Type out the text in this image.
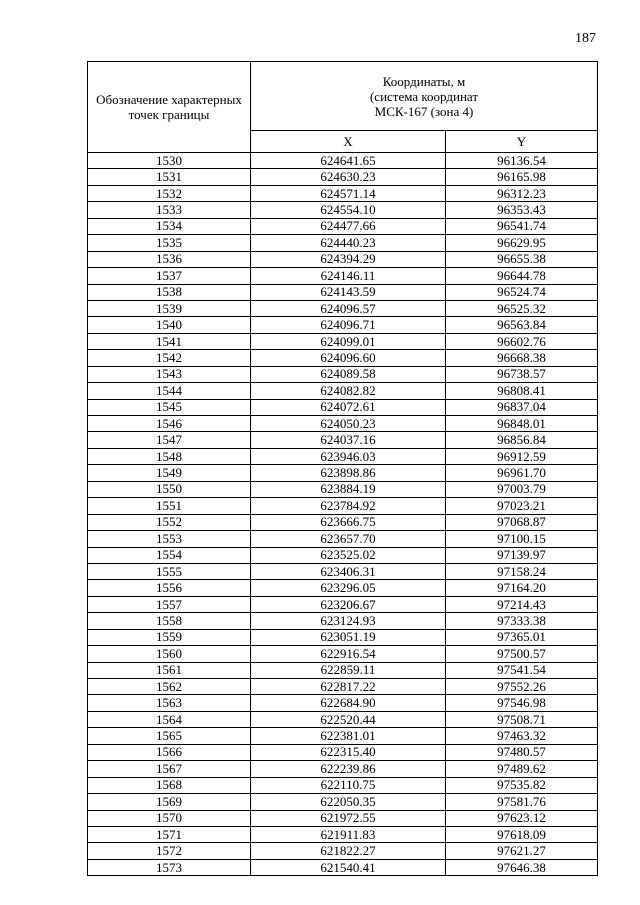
187
Обозначение характерных точек границы	Координаты, м
(система координат
МСК-167 (зона 4)	

	X	Y
1530	624641.65	96136.54
1531	624630.23	96165.98
1532	624571.14	96312.23
1533	624554.10	96353.43
1534	624477.66	96541.74
1535	624440.23	96629.95
1536	624394.29	96655.38
1537	624146.11	96644.78
1538	624143.59	96524.74
1539	624096.57	96525.32
1540	624096.71	96563.84
1541	624099.01	96602.76
1542	624096.60	96668.38
1543	624089.58	96738.57
1544	624082.82	96808.41
1545	624072.61	96837.04
1546	624050.23	96848.01
1547	624037.16	96856.84
1548	623946.03	96912.59
1549	623898.86	96961.70
1550	623884.19	97003.79
1551	623784.92	97023.21
1552	623666.75	97068.87
1553	623657.70	97100.15
1554	623525.02	97139.97
1555	623406.31	97158.24
1556	623296.05	97164.20
1557	623206.67	97214.43
1558	623124.93	97333.38
1559	623051.19	97365.01
1560	622916.54	97500.57
1561	622859.11	97541.54
1562	622817.22	97552.26
1563	622684.90	97546.98
1564	622520.44	97508.71
1565	622381.01	97463.32
1566	622315.40	97480.57
1567	622239.86	97489.62
1568	622110.75	97535.82
1569	622050.35	97581.76
1570	621972.55	97623.12
1571	621911.83	97618.09
1572	621822.27	97621.27
1573	621540.41	97646.38
